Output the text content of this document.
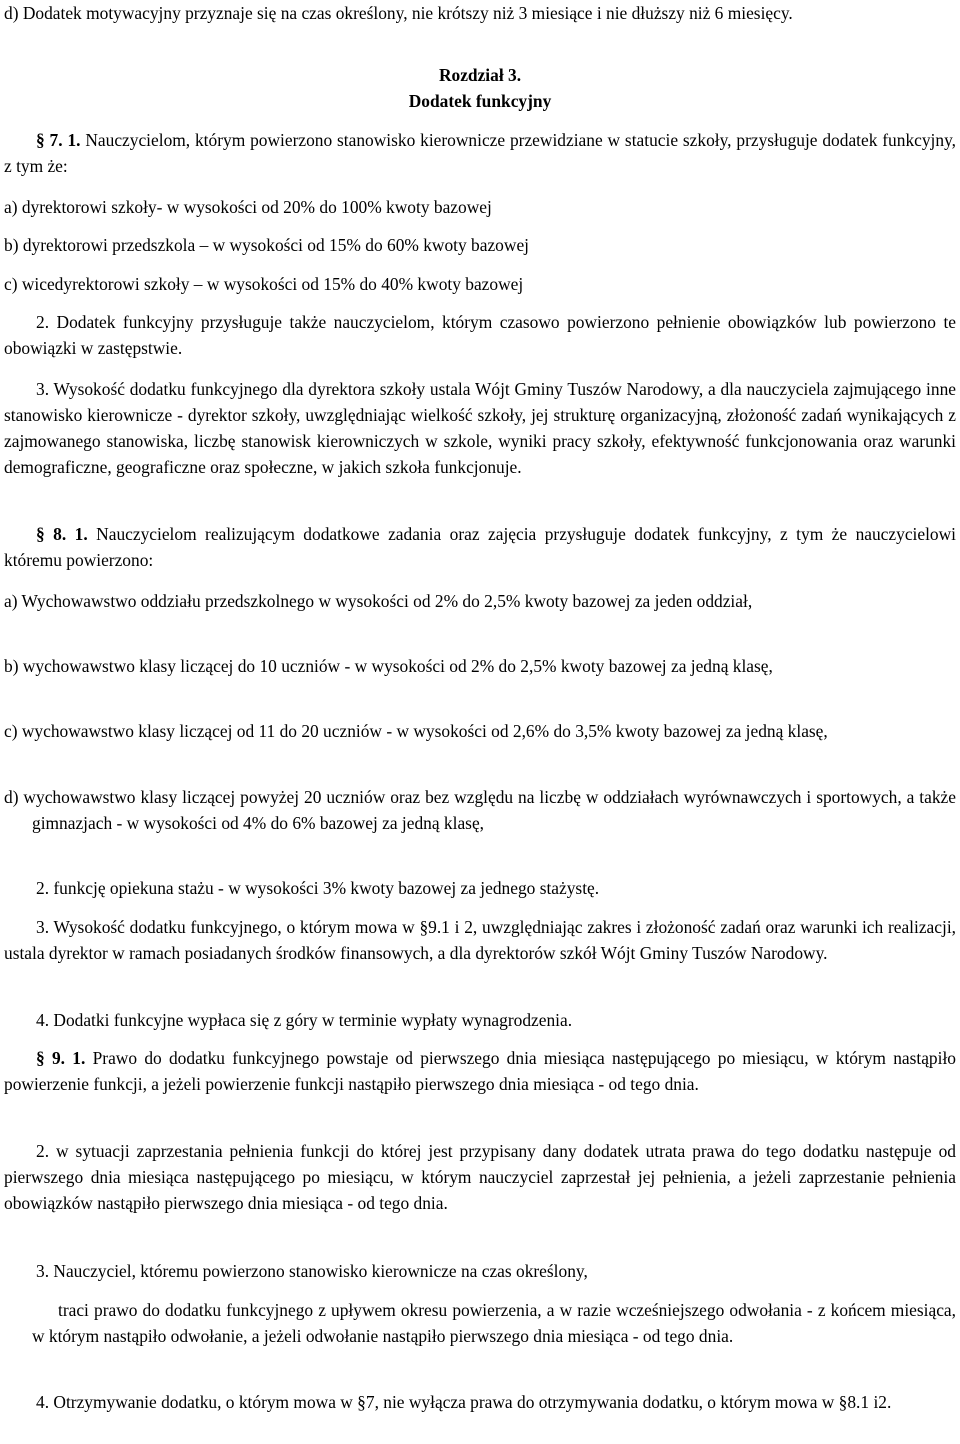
d) Dodatek motywacyjny przyznaje się na czas określony, nie krótszy niż 3 miesiące i nie dłuższy niż 6 miesięcy.

Rozdział 3.

Dodatek funkcyjny

§ 7. 1. Nauczycielom, którym powierzono stanowisko kierownicze przewidziane w statucie szkoły, przysługuje dodatek funkcyjny, z tym że:

a) dyrektorowi szkoły- w wysokości od 20% do 100% kwoty bazowej

b) dyrektorowi przedszkola – w wysokości od 15% do 60% kwoty bazowej

c) wicedyrektorowi szkoły – w wysokości od 15% do 40% kwoty bazowej

2. Dodatek funkcyjny przysługuje także nauczycielom, którym czasowo powierzono pełnienie obowiązków lub powierzono te obowiązki w zastępstwie.

3. Wysokość dodatku funkcyjnego dla dyrektora szkoły ustala Wójt Gminy Tuszów Narodowy, a dla nauczyciela zajmującego inne stanowisko kierownicze - dyrektor szkoły, uwzględniając wielkość szkoły, jej strukturę organizacyjną, złożoność zadań wynikających z zajmowanego stanowiska, liczbę stanowisk kierowniczych w szkole, wyniki pracy szkoły, efektywność funkcjonowania oraz warunki demograficzne, geograficzne oraz społeczne, w jakich szkoła funkcjonuje.

§ 8. 1. Nauczycielom realizującym dodatkowe zadania oraz zajęcia przysługuje dodatek funkcyjny, z tym że nauczycielowi któremu powierzono:

a) Wychowawstwo oddziału przedszkolnego w wysokości od 2% do 2,5% kwoty bazowej za jeden oddział,

b) wychowawstwo klasy liczącej do 10 uczniów - w wysokości od 2% do 2,5% kwoty bazowej za jedną klasę,

c) wychowawstwo klasy liczącej od 11 do 20 uczniów - w wysokości od 2,6% do 3,5% kwoty bazowej za jedną klasę,

d) wychowawstwo klasy liczącej powyżej 20 uczniów oraz bez względu na liczbę w oddziałach wyrównawczych i sportowych, a także gimnazjach - w wysokości od 4% do 6% bazowej za jedną klasę,

2. funkcję opiekuna stażu - w wysokości 3% kwoty bazowej za jednego stażystę.

3. Wysokość dodatku funkcyjnego, o którym mowa w §9.1 i 2, uwzględniając zakres i złożoność zadań oraz warunki ich realizacji, ustala dyrektor w ramach posiadanych środków finansowych, a dla dyrektorów szkół Wójt Gminy Tuszów Narodowy.

4. Dodatki funkcyjne wypłaca się z góry w terminie wypłaty wynagrodzenia.

§ 9. 1. Prawo do dodatku funkcyjnego powstaje od pierwszego dnia miesiąca następującego po miesiącu, w którym nastąpiło powierzenie funkcji, a jeżeli powierzenie funkcji nastąpiło pierwszego dnia miesiąca - od tego dnia.

2. w sytuacji zaprzestania pełnienia funkcji do której jest przypisany dany dodatek utrata prawa do tego dodatku następuje od pierwszego dnia miesiąca następującego po miesiącu, w którym nauczyciel zaprzestał jej pełnienia, a jeżeli zaprzestanie pełnienia obowiązków nastąpiło pierwszego dnia miesiąca - od tego dnia.

3. Nauczyciel, któremu powierzono stanowisko kierownicze na czas określony,

traci prawo do dodatku funkcyjnego z upływem okresu powierzenia, a w razie wcześniejszego odwołania - z końcem miesiąca, w którym nastąpiło odwołanie, a jeżeli odwołanie nastąpiło pierwszego dnia miesiąca - od tego dnia.

4. Otrzymywanie dodatku, o którym mowa w §7, nie wyłącza prawa do otrzymywania dodatku, o którym mowa w §8.1 i2.
